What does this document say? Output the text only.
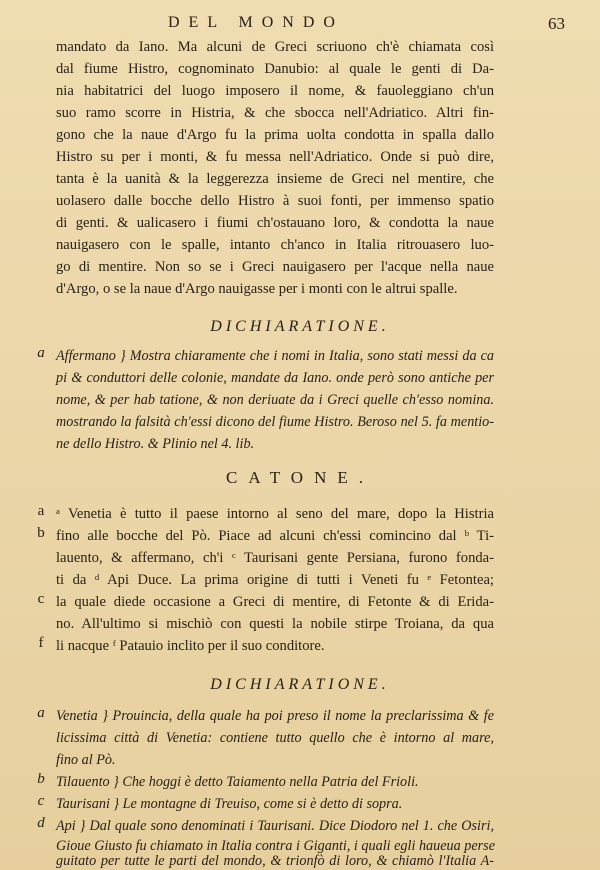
DEL MONDO	63
mandato da Iano. Ma alcuni de Greci scriuono ch'è chiamata così
dal fiume Histro, cognominato Danubio: al quale le genti di Da-
nia habitatrici del luogo imposero il nome, & fauoleggiano ch'un
suo ramo scorre in Histria, & che sbocca nell'Adriatico. Altri fin-
gono che la naue d'Argo fu la prima uolta condotta in spalla dallo
Histro su per i monti, & fu messa nell'Adriatico. Onde si può dire,
tanta è la uanità & la leggerezza insieme de Greci nel mentire, che
uolasero dalle bocche dello Histro à suoi fonti, per immenso spatio
di genti. & ualicasero i fiumi ch'ostauano loro, & condotta la naue
nauigasero con le spalle, intanto ch'anco in Italia ritrouasero luo-
go di mentire. Non so se i Greci nauigasero per l'acque nella naue
d'Argo, o se la naue d'Argo nauigasse per i monti con le altrui spalle.
DICHIARATIONE.
a Affermano } Mostra chiaramente che i nomi in Italia, sono stati messi da ca
pi & conduttori delle colonie, mandate da Iano. onde però sono antiche per
nome, & per hab tatione, & non deriuate da i Greci quelle ch'esso nomina.
mostrando la falsità ch'essi dicono del fiume Histro. Beroso nel 5. fa mentio-
ne dello Histro. & Plinio nel 4. lib.
CATONE.
a
b
c
f
ᵃ Venetia è tutto il paese intorno al seno del mare, dopo la Histria
fino alle bocche del Pò. Piace ad alcuni ch'essi comincino dal ᵇ Ti-
lauento, & affermano, ch'i ᶜ Taurisani gente Persiana, furono fonda-
ti da ᵈ Api Duce. La prima origine di tutti i Veneti fu ᵉ Fetontea;
la quale diede occasione a Greci di mentire, di Fetonte & di Erida-
no. All'ultimo si mischiò con questi la nobile stirpe Troiana, da qua
li nacque ᶠ Patauio inclito per il suo conditore.
DICHIARATIONE.
a
b
c
d
Venetia } Prouincia, della quale ha poi preso il nome la preclarissima & fe
licissima città di Venetia: contiene tutto quello che è intorno al mare,
fino al Pò.
Tilauento } Che hoggi è detto Taiamento nella Patria del Frioli.
Taurisani } Le montagne di Treuiso, come si è detto di sopra.
Api } Dal quale sono denominati i Taurisani. Dice Diodoro nel 1. che Osiri,
Gioue Giusto fu chiamato in Italia contra i Giganti, i quali egli haueua perse
guitato per tutte le parti del mondo, & trionfò di loro, & chiamò l'Italia A-
